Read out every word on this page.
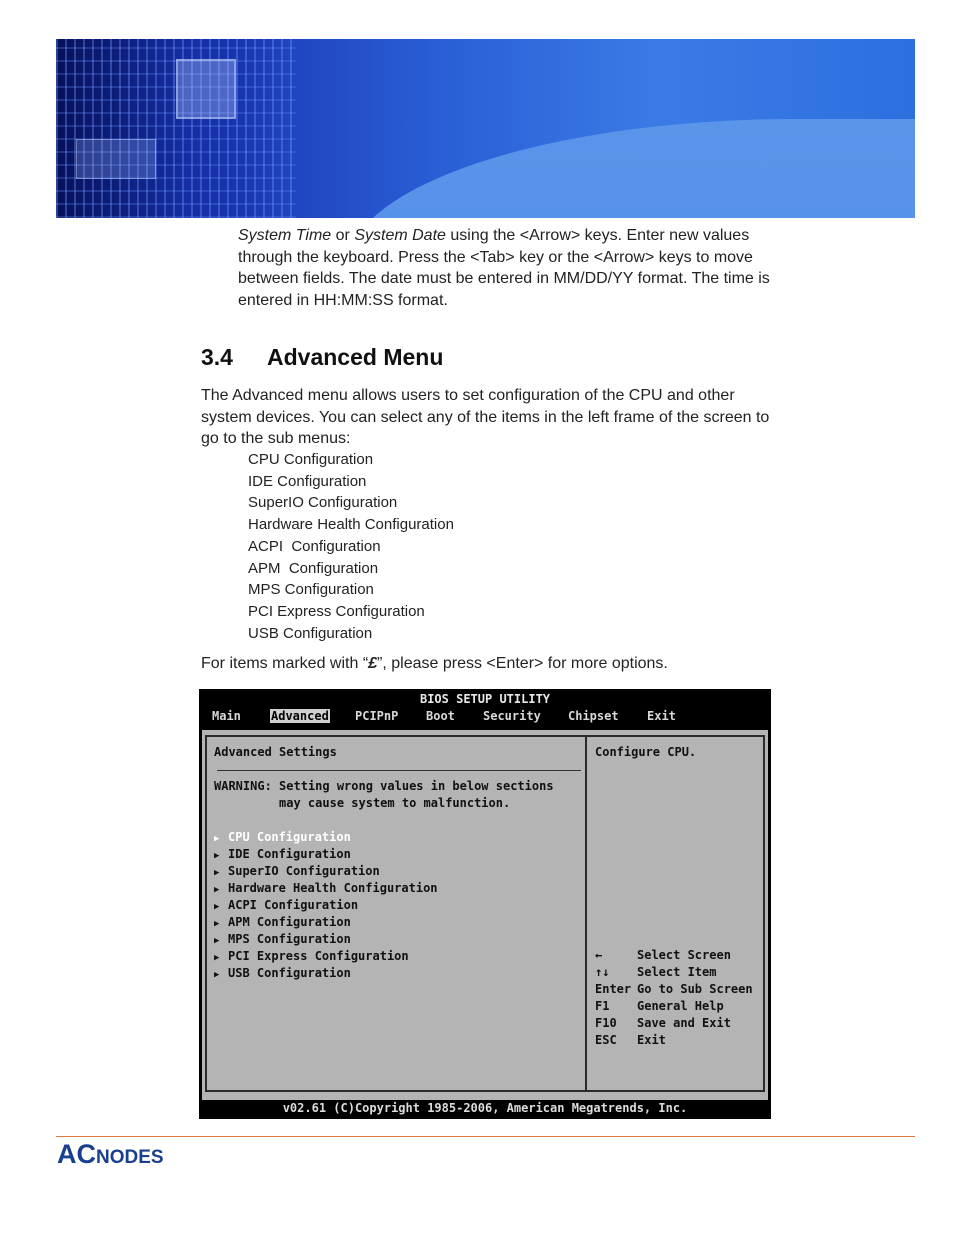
System Time or System Date using the <Arrow> keys. Enter new values through the keyboard. Press the <Tab> key or the <Arrow> keys to move between fields. The date must be entered in MM/DD/YY format. The time is entered in HH:MM:SS format.

3.4 Advanced Menu

The Advanced menu allows users to set configuration of the CPU and other system devices. You can select any of the items in the left frame of the screen to go to the sub menus:

CPU Configuration
IDE Configuration
SuperIO Configuration
Hardware Health Configuration
ACPI  Configuration
APM  Configuration
MPS Configuration
PCI Express Configuration
USB Configuration

For items marked with “£”, please press <Enter> for more options.

BIOS SETUP UTILITY
Main	Advanced PCIPnP Boot Security Chipset Exit
Advanced Settings
WARNING: Setting wrong values in below sections
may cause system to malfunction.
▶ CPU Configuration
▶ IDE Configuration
▶ SuperIO Configuration
▶ Hardware Health Configuration
▶ ACPI Configuration
▶ APM Configuration
▶ MPS Configuration
▶ PCI Express Configuration
▶ USB Configuration
Configure CPU.
←	Select Screen
↑↓ Select Item
Enter Go to Sub Screen
F1 General Help
F10 Save and Exit
ESC Exit
v02.61 (C)Copyright 1985-2006, American Megatrends, Inc.
ACNODES
